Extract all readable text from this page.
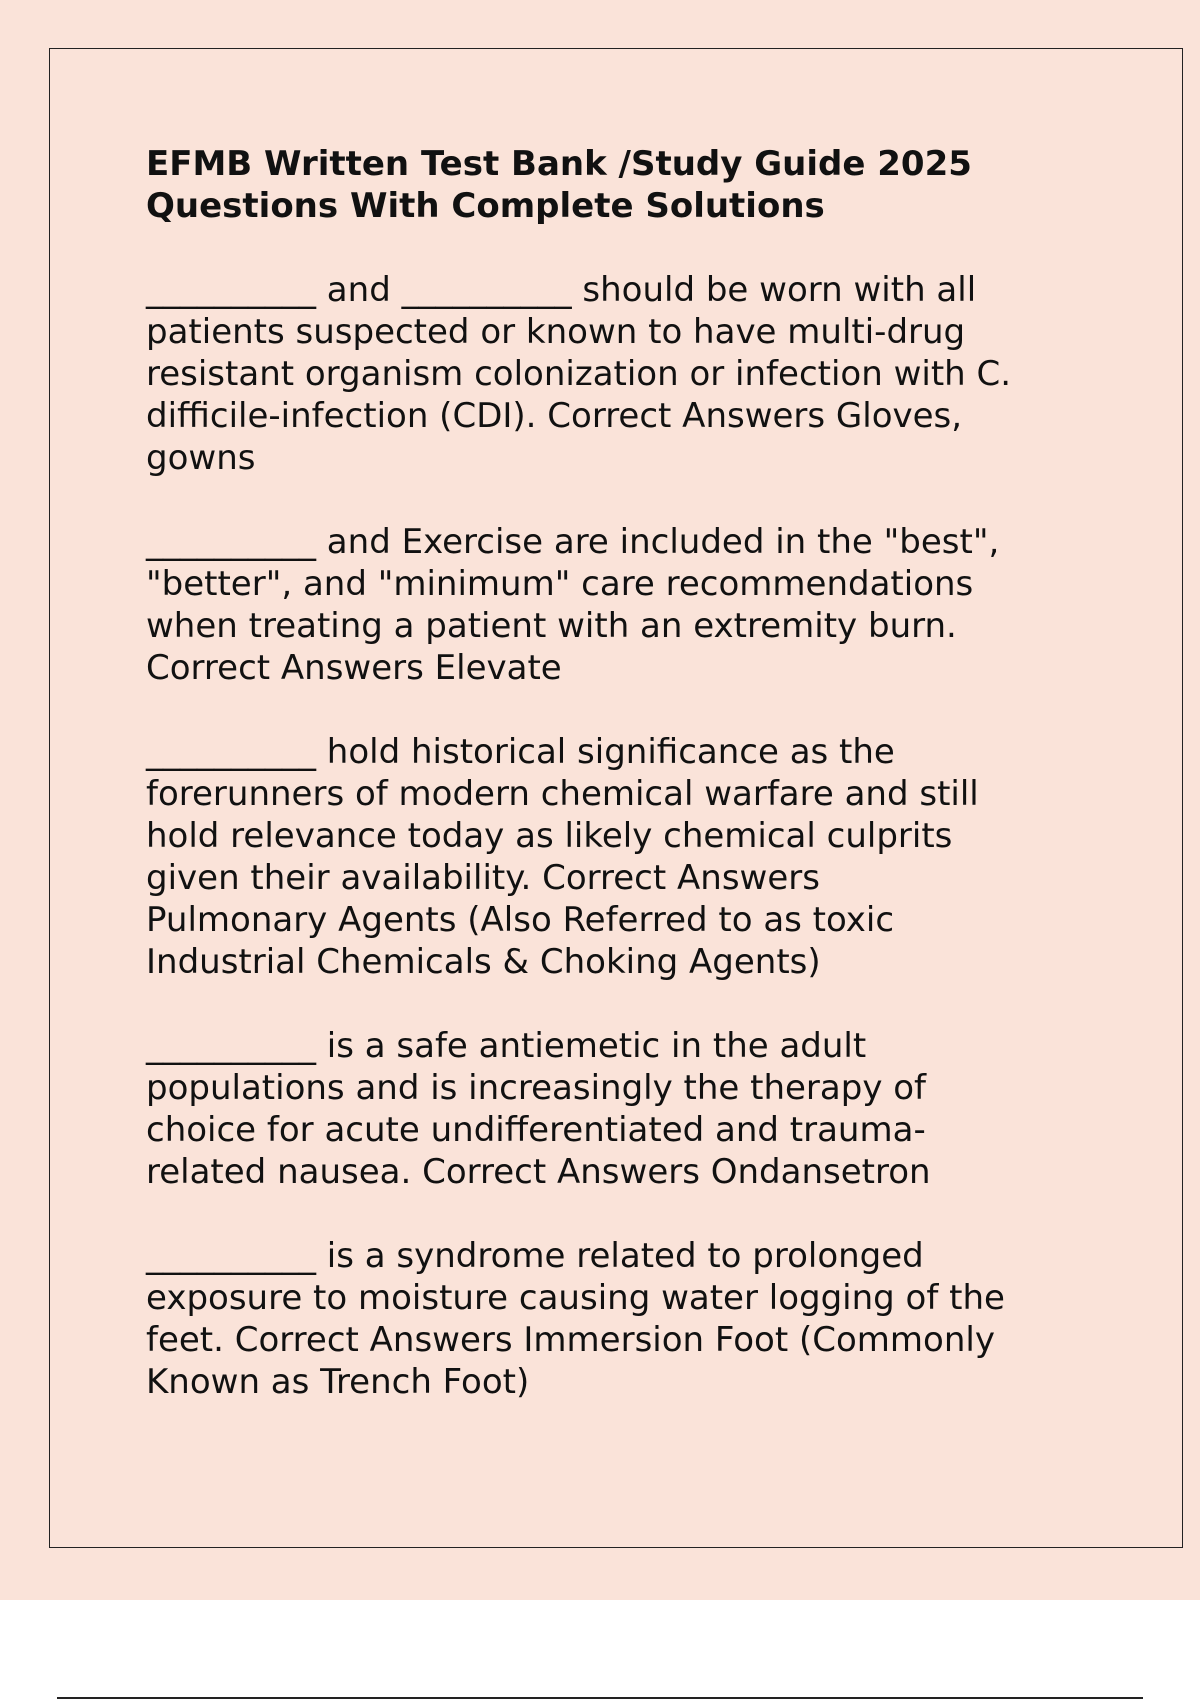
EFMB Written Test Bank /Study Guide 2025
Questions With Complete Solutions
__________ and __________ should be worn with all
patients suspected or known to have multi-drug
resistant organism colonization or infection with C.
difficile-infection (CDI). Correct Answers Gloves,
gowns
__________ and Exercise are included in the "best",
"better", and "minimum" care recommendations
when treating a patient with an extremity burn.
Correct Answers Elevate
__________ hold historical significance as the
forerunners of modern chemical warfare and still
hold relevance today as likely chemical culprits
given their availability. Correct Answers
Pulmonary Agents (Also Referred to as toxic
Industrial Chemicals & Choking Agents)
__________ is a safe antiemetic in the adult
populations and is increasingly the therapy of
choice for acute undifferentiated and trauma-
related nausea. Correct Answers Ondansetron
__________ is a syndrome related to prolonged
exposure to moisture causing water logging of the
feet. Correct Answers Immersion Foot (Commonly
Known as Trench Foot)
